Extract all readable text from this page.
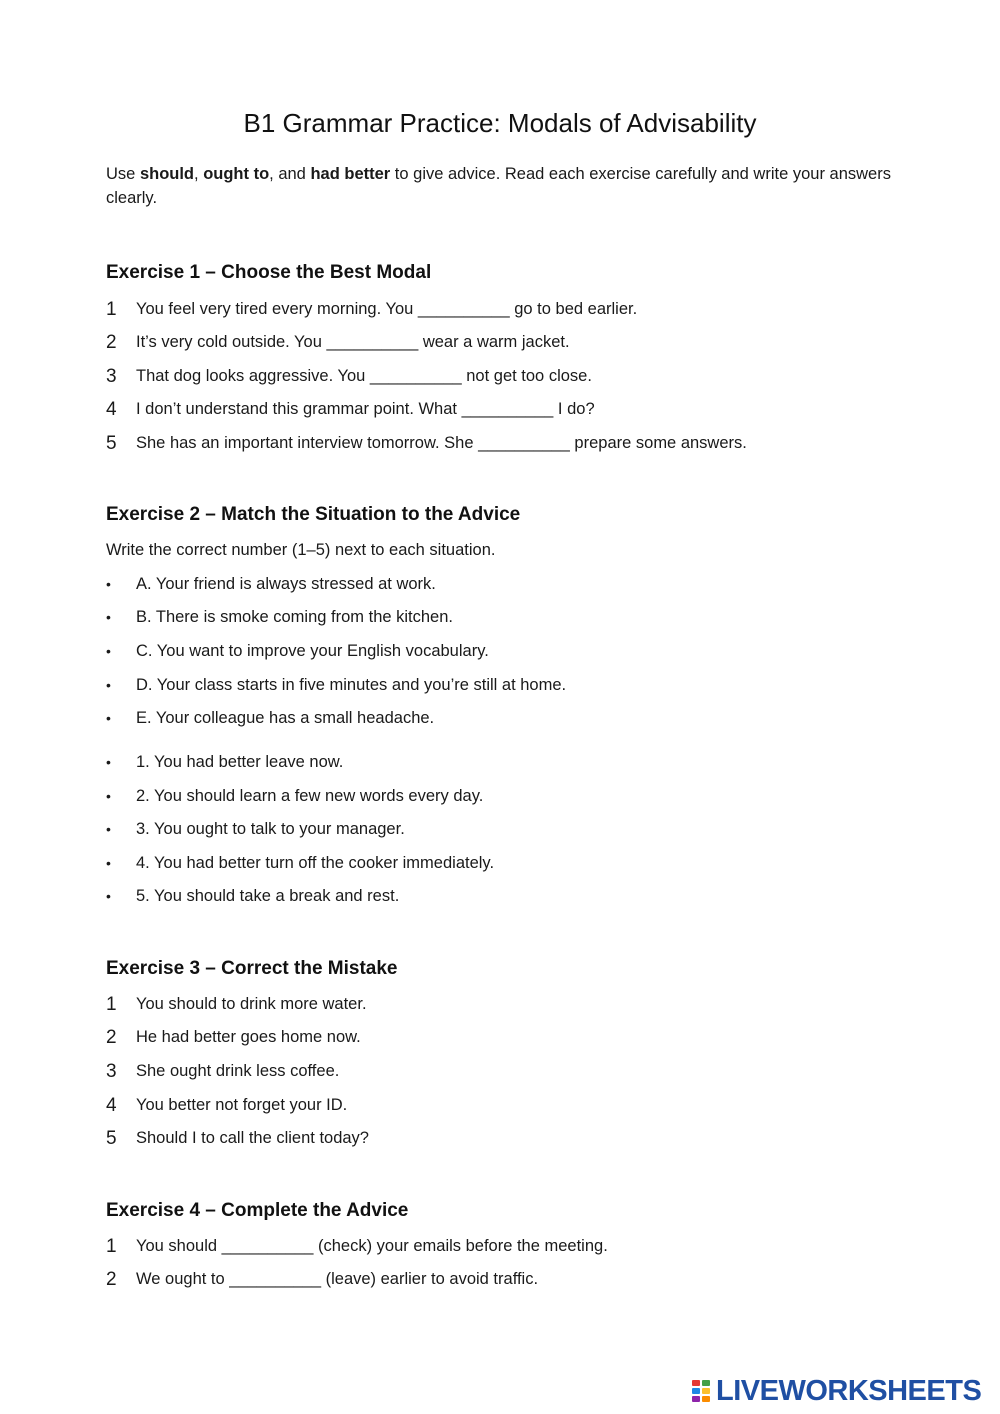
B1 Grammar Practice: Modals of Advisability
Use should, ought to, and had better to give advice. Read each exercise carefully and write your answers clearly.
Exercise 1 – Choose the Best Modal
1	You feel very tired every morning. You __________ go to bed earlier.
2	It’s very cold outside. You __________ wear a warm jacket.
3	That dog looks aggressive. You __________ not get too close.
4	I don’t understand this grammar point. What __________ I do?
5	She has an important interview tomorrow. She __________ prepare some answers.
Exercise 2 – Match the Situation to the Advice
Write the correct number (1–5) next to each situation.
•	A. Your friend is always stressed at work.
•	B. There is smoke coming from the kitchen.
•	C. You want to improve your English vocabulary.
•	D. Your class starts in five minutes and you’re still at home.
•	E. Your colleague has a small headache.
•	1. You had better leave now.
•	2. You should learn a few new words every day.
•	3. You ought to talk to your manager.
•	4. You had better turn off the cooker immediately.
•	5. You should take a break and rest.
Exercise 3 – Correct the Mistake
1	You should to drink more water.
2	He had better goes home now.
3	She ought drink less coffee.
4	You better not forget your ID.
5	Should I to call the client today?
Exercise 4 – Complete the Advice
1	You should __________ (check) your emails before the meeting.
2	We ought to __________ (leave) earlier to avoid traffic.
LIVEWORKSHEETS
